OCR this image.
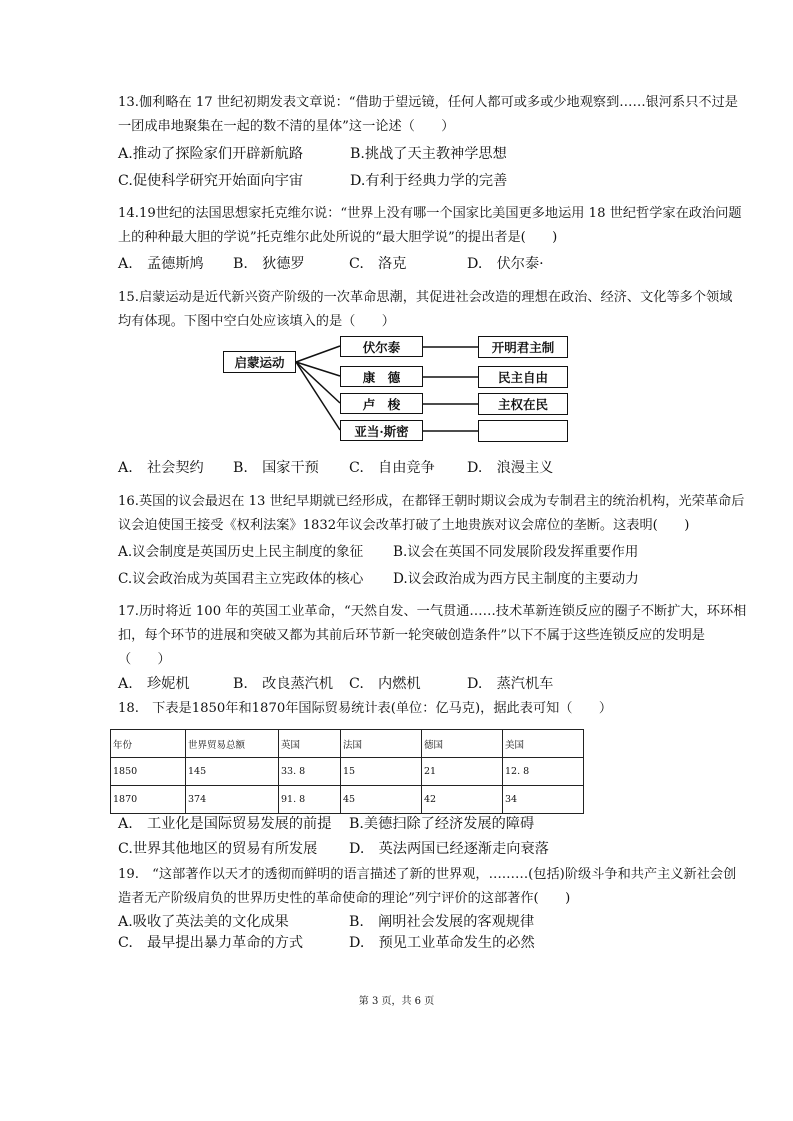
13.伽利略在 17 世纪初期发表文章说：“借助于望远镜，任何人都可或多或少地观察到……银河系只不过是
一团成串地聚集在一起的数不清的星体”这一论述（　　）
A.推动了探险家们开辟新航路	B.挑战了天主教神学思想
C.促使科学研究开始面向宇宙	D.有利于经典力学的完善
14.19世纪的法国思想家托克维尔说：“世界上没有哪一个国家比美国更多地运用 18 世纪哲学家在政治问题
上的种种最大胆的学说”托克维尔此处所说的“最大胆学说”的提出者是(　　)
A.　孟德斯鸠 B.　狄德罗	C.　洛克	D.　伏尔泰·
15.启蒙运动是近代新兴资产阶级的一次革命思潮，其促进社会改造的理想在政治、经济、文化等多个领域
均有体现。下图中空白处应该填入的是（　　）
启蒙运动
伏尔泰
康　德
卢　梭
亚当·斯密
开明君主制
民主自由
主权在民
A.　社会契约 B.　国家干预 C.　自由竞争 D.　浪漫主义
16.英国的议会最迟在 13 世纪早期就已经形成，在都铎王朝时期议会成为专制君主的统治机构，光荣革命后
议会迫使国王接受《权利法案》1832年议会改革打破了土地贵族对议会席位的垄断。这表明(　　)
A.议会制度是英国历史上民主制度的象征 B.议会在英国不同发展阶段发挥重要作用
C.议会政治成为英国君主立宪政体的核心 D.议会政治成为西方民主制度的主要动力
17.历时将近 100 年的英国工业革命，“天然自发、一气贯通……技术革新连锁反应的圈子不断扩大，环环相
扣，每个环节的进展和突破又都为其前后环节新一轮突破创造条件”以下不属于这些连锁反应的发明是
（　　）
A.　珍妮机	B.　改良蒸汽机 C.　内燃机	D.　蒸汽机车
18.　下表是1850年和1870年国际贸易统计表(单位：亿马克)，据此表可知（　　）
年份	世界贸易总额	英国	法国	德国	美国
1850	145	33. 8	15	21	12. 8
1870	374	91. 8	45	42	34
A.　工业化是国际贸易发展的前提 B.美德扫除了经济发展的障碍
C.世界其他地区的贸易有所发展 D.　英法两国已经逐渐走向衰落
19.　“这部著作以天才的透彻而鲜明的语言描述了新的世界观，………(包括)阶级斗争和共产主义新社会创
造者无产阶级肩负的世界历史性的革命使命的理论”列宁评价的这部著作(　　)
A.吸收了英法美的文化成果	B.　阐明社会发展的客观规律
C.　最早提出暴力革命的方式	D.　预见工业革命发生的必然
第 3 页，共 6 页
